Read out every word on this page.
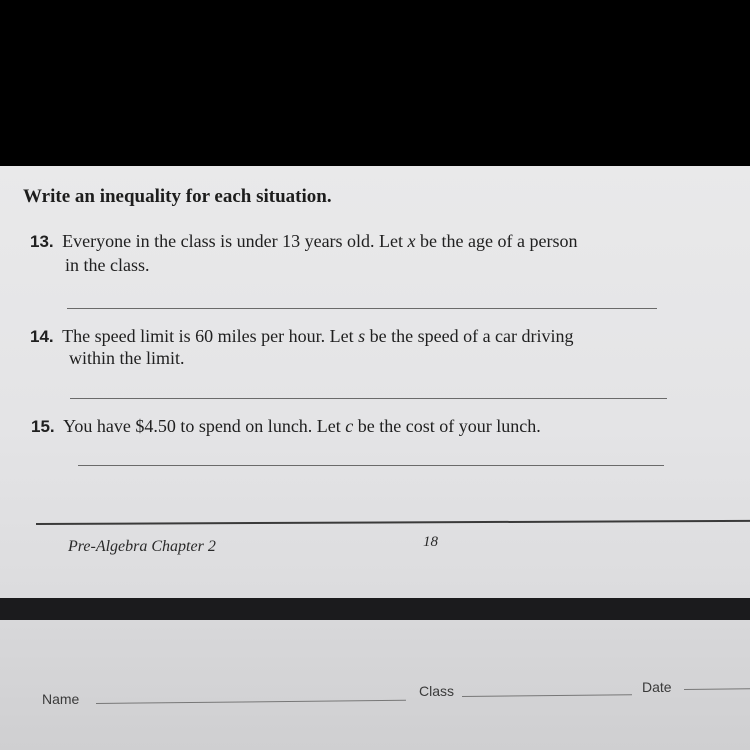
Write an inequality for each situation.
13. Everyone in the class is under 13 years old. Let x be the age of a person
in the class.
14. The speed limit is 60 miles per hour. Let s be the speed of a car driving
within the limit.
15. You have $4.50 to spend on lunch. Let c be the cost of your lunch.
Pre-Algebra Chapter 2	18
Name	Class	Date
